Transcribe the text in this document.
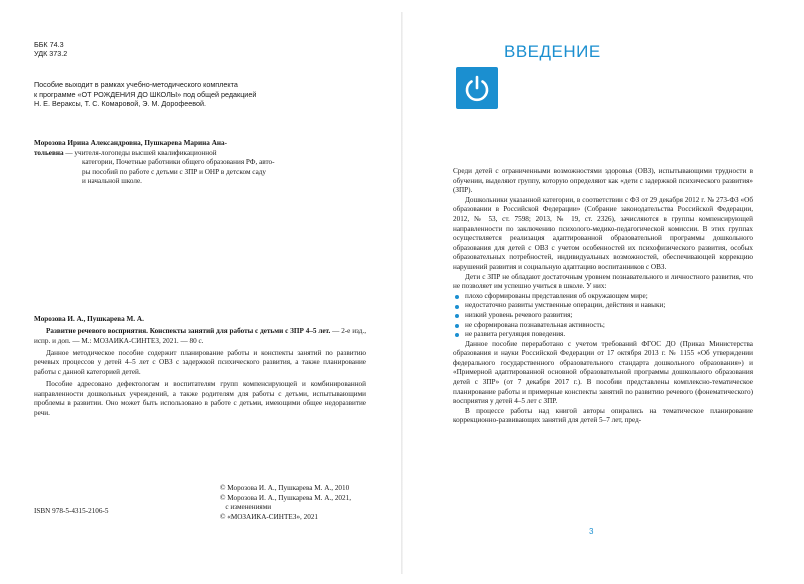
ББК 74.3
УДК 373.2
Пособие выходит в рамках учебно-методического комплекта
к программе «ОТ РОЖДЕНИЯ ДО ШКОЛЫ» под общей редакцией
Н. Е. Веракcы, Т. С. Комаровой, Э. М. Дорофеевой.
Морозова Ирина Александровна, Пушкарева Марина Ана-
тольевна — учителя-логопеды высшей квалификационной
категории, Почетные работники общего образования РФ, авто-
ры пособий по работе с детьми с ЗПР и ОНР в детском саду
и начальной школе.

Морозова И. А., Пушкарева М. А.

Развитие речевого восприятия. Конспекты занятий для работы с детьми с ЗПР 4–5 лет. — 2-е изд., испр. и доп. — М.: МОЗАИКА-СИНТЕЗ, 2021. — 80 с.

Данное методическое пособие содержит планирование работы и конспекты занятий по развитию речевых процессов у детей 4–5 лет с ОВЗ с задержкой психического развития, а также планирование работы с данной категорией детей.

Пособие адресовано дефектологам и воспитателям групп компенсирующей и комбинированной направленности дошкольных учреждений, а также родителям для работы с детьми, испытывающими проблемы в развитии. Оно может быть использовано в работе с детьми, имеющими общее недоразвитие речи.

© Морозова И. А., Пушкарева М. А., 2010
© Морозова И. А., Пушкарева М. А., 2021,
с изменениями
© «МОЗАИКА-СИНТЕЗ», 2021
ISBN 978-5-4315-2106-5
ВВЕДЕНИЕ

Среди детей с ограниченными возможностями здоровья (ОВЗ), испытывающими трудности в обучении, выделяют группу, которую определяют как «дети с задержкой психического развития» (ЗПР).

Дошкольники указанной категории, в соответствии с ФЗ от 29 декабря 2012 г. № 273-ФЗ «Об образовании в Российской Федерации» (Собрание законодательства Российской Федерации, 2012, № 53, ст. 7598; 2013, № 19, ст. 2326), зачисляются в группы компенсирующей направленности по заключению психолого-медико-педагогической комиссии. В этих группах осуществляется реализация адаптированной образовательной программы дошкольного образования для детей с ОВЗ с учетом особенностей их психофизического развития, особых образовательных потребностей, индивидуальных возможностей, обеспечивающей коррекцию нарушений развития и социальную адаптацию воспитанников с ОВЗ.

Дети с ЗПР не обладают достаточным уровнем познавательного и личностного развития, что не позволяет им успешно учиться в школе. У них:

плохо сформированы представления об окружающем мире;
недостаточно развиты умственные операции, действия и навыки;
низкий уровень речевого развития;
не сформирована познавательная активность;
не развита регуляция поведения.

Данное пособие переработано с учетом требований ФГОС ДО (Приказ Министерства образования и науки Российской Федерации от 17 октября 2013 г. № 1155 «Об утверждении федерального государственного образовательного стандарта дошкольного образования») и «Примерной адаптированной основной образовательной программы дошкольного образования детей с ЗПР» (от 7 декабря 2017 г.). В пособии представлены комплексно-тематическое планирование работы и примерные конспекты занятий по развитию речевого (фонематического) восприятия у детей 4–5 лет с ЗПР.

В процессе работы над книгой авторы опирались на тематическое планирование коррекционно-развивающих занятий для детей 5–7 лет, пред-

3
